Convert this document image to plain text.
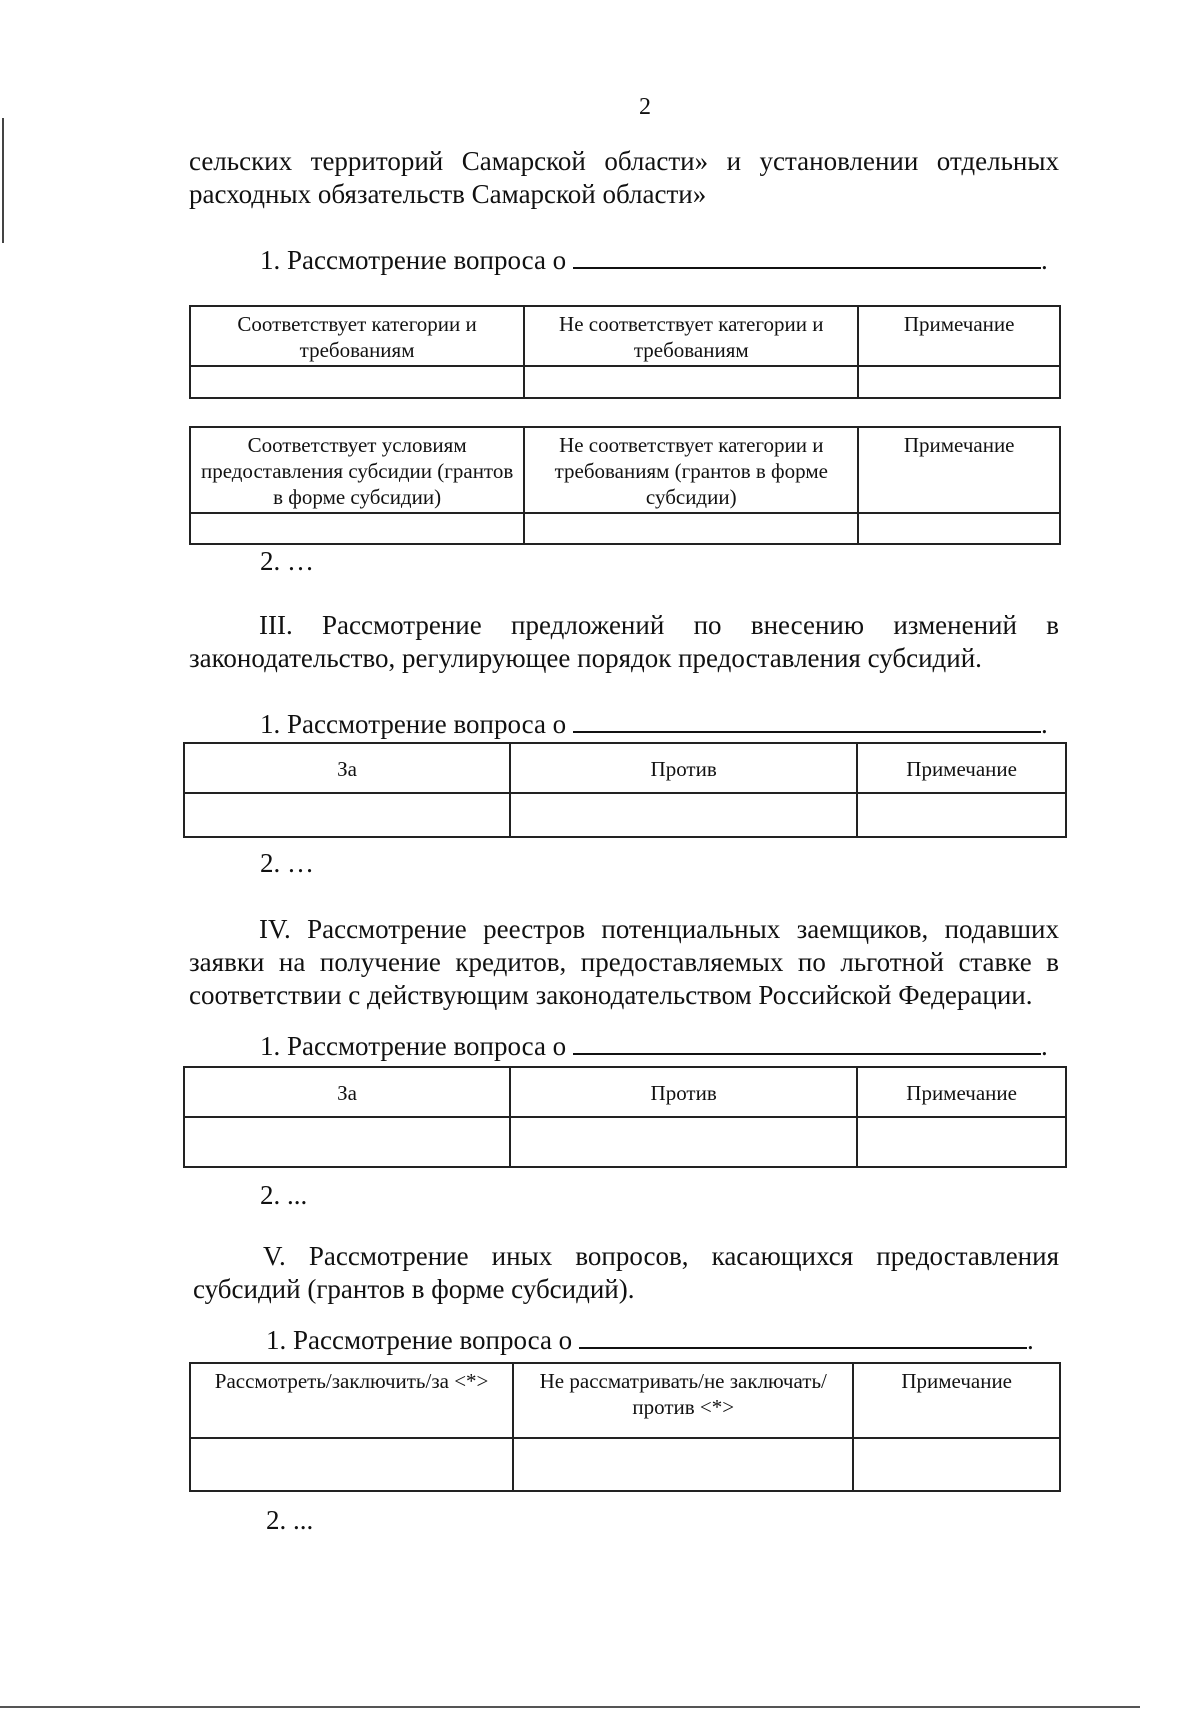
2
сельских территорий Самарской области» и установлении отдельных
расходных обязательств Самарской области»
1. Рассмотрение вопроса о	.
Соответствует категории и требованиям	Не соответствует категории и требованиям	Примечание

Соответствует условиям предоставления субсидии (грантов в форме субсидии)	Не соответствует категории и требованиям (грантов в форме субсидии)	Примечание

2. …
III. Рассмотрение предложений по внесению изменений в
законодательство, регулирующее порядок предоставления субсидий.
1. Рассмотрение вопроса о	.
За	Против	Примечание

2. …
IV. Рассмотрение реестров потенциальных заемщиков, подавших
заявки на получение кредитов, предоставляемых по льготной ставке в
соответствии с действующим законодательством Российской Федерации.
1. Рассмотрение вопроса о	.
За	Против	Примечание

2. ...
V. Рассмотрение иных вопросов, касающихся предоставления
субсидий (грантов в форме субсидий).
1. Рассмотрение вопроса о	.
Рассмотреть/заключить/за <*>	Не рассматривать/не заключать/против <*>	Примечание

2. ...
